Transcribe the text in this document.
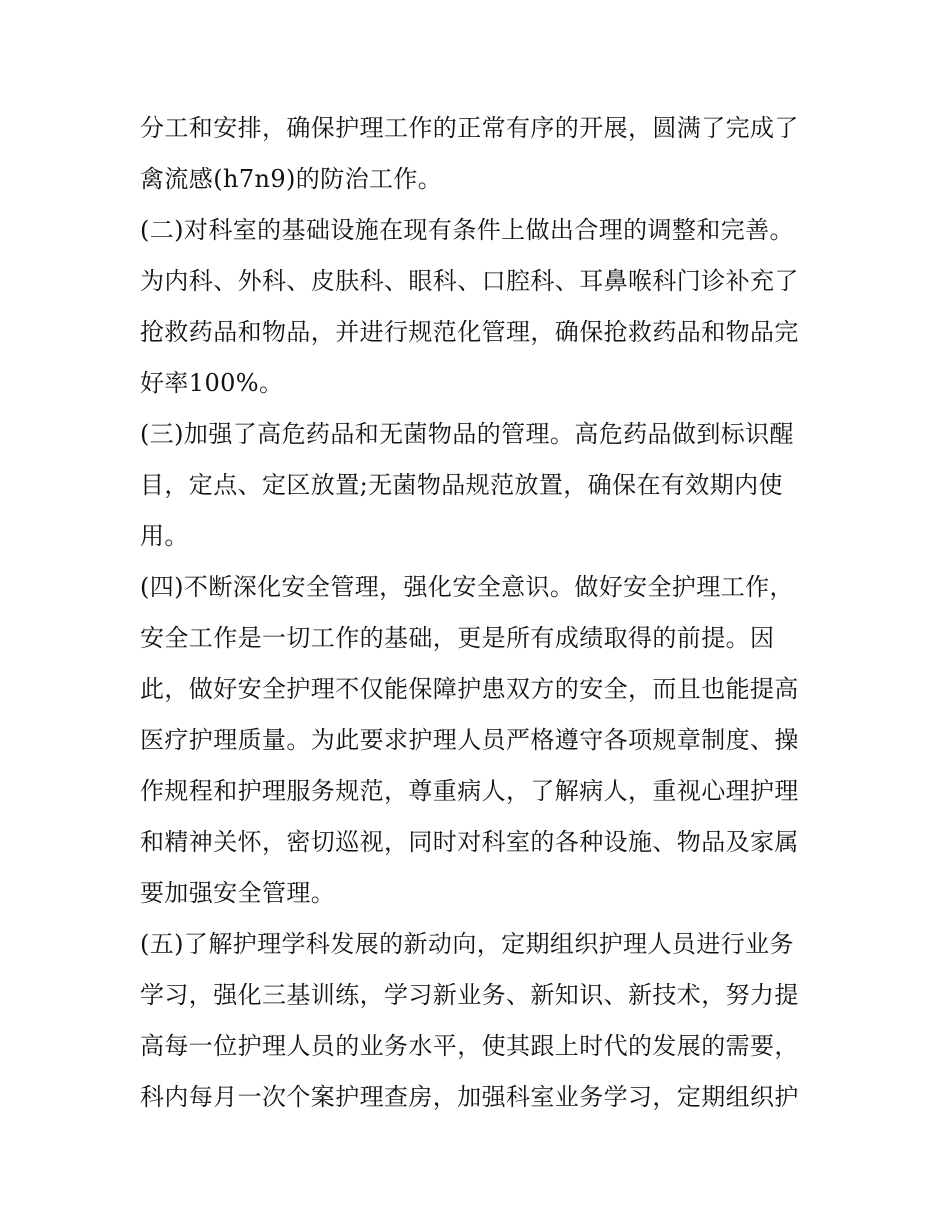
分工和安排，确保护理工作的正常有序的开展，圆满了完成了
禽流感(h7n9)的防治工作。
(二)对科室的基础设施在现有条件上做出合理的调整和完善。
为内科、外科、皮肤科、眼科、口腔科、耳鼻喉科门诊补充了
抢救药品和物品，并进行规范化管理，确保抢救药品和物品完
好率100%。
(三)加强了高危药品和无菌物品的管理。高危药品做到标识醒
目，定点、定区放置;无菌物品规范放置，确保在有效期内使
用。
(四)不断深化安全管理，强化安全意识。做好安全护理工作，
安全工作是一切工作的基础，更是所有成绩取得的前提。因
此，做好安全护理不仅能保障护患双方的安全，而且也能提高
医疗护理质量。为此要求护理人员严格遵守各项规章制度、操
作规程和护理服务规范，尊重病人，了解病人，重视心理护理
和精神关怀，密切巡视，同时对科室的各种设施、物品及家属
要加强安全管理。
(五)了解护理学科发展的新动向，定期组织护理人员进行业务
学习，强化三基训练，学习新业务、新知识、新技术，努力提
高每一位护理人员的业务水平，使其跟上时代的发展的需要，
科内每月一次个案护理查房，加强科室业务学习，定期组织护
